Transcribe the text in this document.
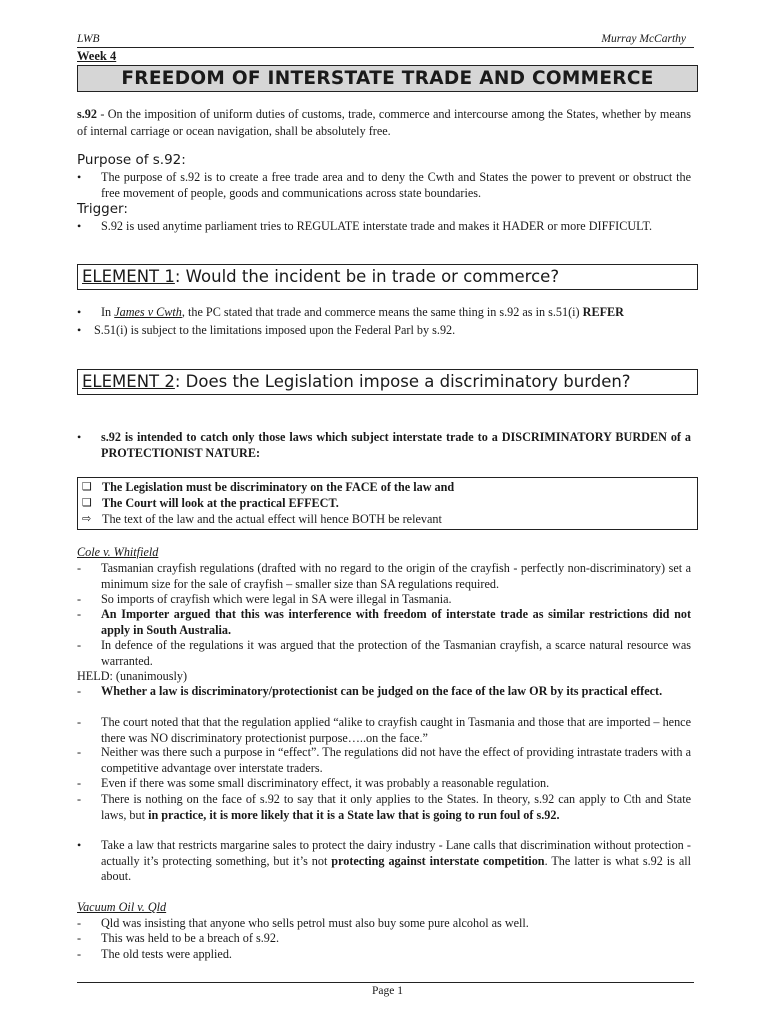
LWB	Murray McCarthy
Week 4
FREEDOM OF INTERSTATE TRADE AND COMMERCE
s.92 - On the imposition of uniform duties of customs, trade, commerce and intercourse among the States, whether by means of internal carriage or ocean navigation, shall be absolutely free.
Purpose of s.92:
• The purpose of s.92 is to create a free trade area and to deny the Cwth and States the power to prevent or obstruct the free movement of people, goods and communications across state boundaries.
Trigger:
• S.92 is used anytime parliament tries to REGULATE interstate trade and makes it HADER or more DIFFICULT.
ELEMENT 1: Would the incident be in trade or commerce?
• In James v Cwth, the PC stated that trade and commerce means the same thing in s.92 as in s.51(i) REFER
• S.51(i) is subject to the limitations imposed upon the Federal Parl by s.92.
ELEMENT 2: Does the Legislation impose a discriminatory burden?
• s.92 is intended to catch only those laws which subject interstate trade to a DISCRIMINATORY BURDEN of a PROTECTIONIST NATURE:
❑ The Legislation must be discriminatory on the FACE of the law and
❑ The Court will look at the practical EFFECT.
⇨ The text of the law and the actual effect will hence BOTH be relevant
Cole v. Whitfield
- Tasmanian crayfish regulations (drafted with no regard to the origin of the crayfish - perfectly non-discriminatory) set a minimum size for the sale of crayfish – smaller size than SA regulations required.
- So imports of crayfish which were legal in SA were illegal in Tasmania.
- An Importer argued that this was interference with freedom of interstate trade as similar restrictions did not apply in South Australia.
- In defence of the regulations it was argued that the protection of the Tasmanian crayfish, a scarce natural resource was warranted.
HELD: (unanimously)
- Whether a law is discriminatory/protectionist can be judged on the face of the law OR by its practical effect.
- The court noted that that the regulation applied “alike to crayfish caught in Tasmania and those that are imported – hence there was NO discriminatory protectionist purpose…..on the face.”
- Neither was there such a purpose in “effect”. The regulations did not have the effect of providing intrastate traders with a competitive advantage over interstate traders.
- Even if there was some small discriminatory effect, it was probably a reasonable regulation.
- There is nothing on the face of s.92 to say that it only applies to the States. In theory, s.92 can apply to Cth and State laws, but in practice, it is more likely that it is a State law that is going to run foul of s.92.
• Take a law that restricts margarine sales to protect the dairy industry - Lane calls that discrimination without protection - actually it’s protecting something, but it’s not protecting against interstate competition. The latter is what s.92 is all about.
Vacuum Oil v. Qld
- Qld was insisting that anyone who sells petrol must also buy some pure alcohol as well.
- This was held to be a breach of s.92.
- The old tests were applied.
Page 1
